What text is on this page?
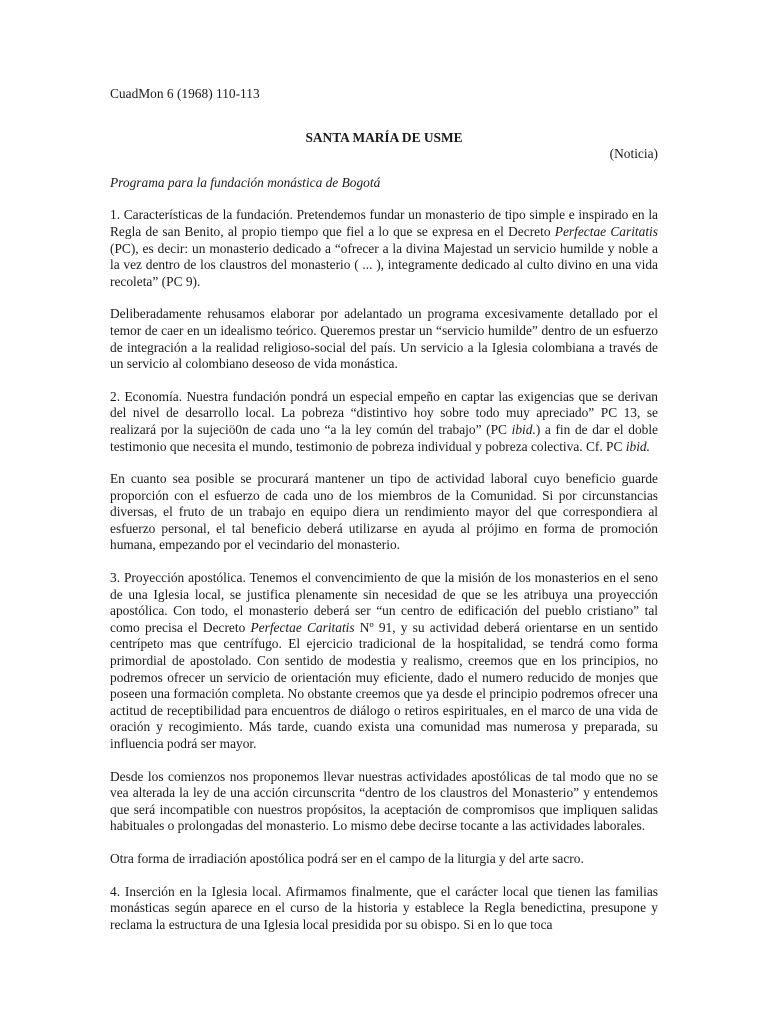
CuadMon 6 (1968) 110-113

SANTA MARÍA DE USME

(Noticia)

Programa para la fundación monástica de Bogotá

1. Características de la fundación. Pretendemos fundar un monasterio de tipo simple e inspirado en la Regla de san Benito, al propio tiempo que fiel a lo que se expresa en el Decreto Perfectae Caritatis (PC), es decir: un monasterio dedicado a “ofrecer a la divina Majestad un servicio humilde y noble a la vez dentro de los claustros del monasterio ( ... ), integramente dedicado al culto divino en una vida recoleta” (PC 9).

Deliberadamente rehusamos elaborar por adelantado un programa excesivamente detallado por el temor de caer en un idealismo teórico. Queremos prestar un “servicio humilde” dentro de un esfuerzo de integración a la realidad religioso-social del país. Un servicio a la Iglesia colombiana a través de un servicio al colombiano deseoso de vida monástica.

2. Economía. Nuestra fundación pondrá un especial empeño en captar las exigencias que se derivan del nivel de desarrollo local. La pobreza “distintivo hoy sobre todo muy apreciado” PC 13, se realizará por la sujeciö0n de cada uno “a la ley común del trabajo” (PC ibid.) a fin de dar el doble testimonio que necesita el mundo, testimonio de pobreza individual y pobreza colectiva. Cf. PC ibid.

En cuanto sea posible se procurará mantener un tipo de actividad laboral cuyo beneficio guarde proporción con el esfuerzo de cada uno de los miembros de la Comunidad. Si por circunstancias diversas, el fruto de un trabajo en equipo diera un rendimiento mayor del que correspondiera al esfuerzo personal, el tal beneficio deberá utilizarse en ayuda al prójimo en forma de promoción humana, empezando por el vecindario del monasterio.

3. Proyección apostólica. Tenemos el convencimiento de que la misión de los monasterios en el seno de una Iglesia local, se justifica plenamente sin necesidad de que se les atribuya una proyección apostólica. Con todo, el monasterio deberá ser “un centro de edificación del pueblo cristiano” tal como precisa el Decreto Perfectae Caritatis Nº 91, y su actividad deberá orientarse en un sentido centrípeto mas que centrífugo. El ejercicio tradicional de la hospitalidad, se tendrá como forma primordial de apostolado. Con sentido de modestia y realismo, creemos que en los principios, no podremos ofrecer un servicio de orientación muy eficiente, dado el numero reducido de monjes que poseen una formación completa. No obstante creemos que ya desde el principio podremos ofrecer una actitud de receptibilidad para encuentros de diálogo o retiros espirituales, en el marco de una vida de oración y recogimiento. Más tarde, cuando exista una comunidad mas numerosa y preparada, su influencia podrá ser mayor.

Desde los comienzos nos proponemos llevar nuestras actividades apostólicas de tal modo que no se vea alterada la ley de una acción circunscrita “dentro de los claustros del Monasterio” y entendemos que será incompatible con nuestros propósitos, la aceptación de compromisos que impliquen salidas habituales o prolongadas del monasterio. Lo mismo debe decirse tocante a las actividades laborales.

Otra forma de irradiación apostólica podrá ser en el campo de la liturgia y del arte sacro.

4. Inserción en la Iglesia local. Afirmamos finalmente, que el carácter local que tienen las familias monásticas según aparece en el curso de la historia y establece la Regla benedictina, presupone y reclama la estructura de una Iglesia local presidida por su obispo. Si en lo que toca
